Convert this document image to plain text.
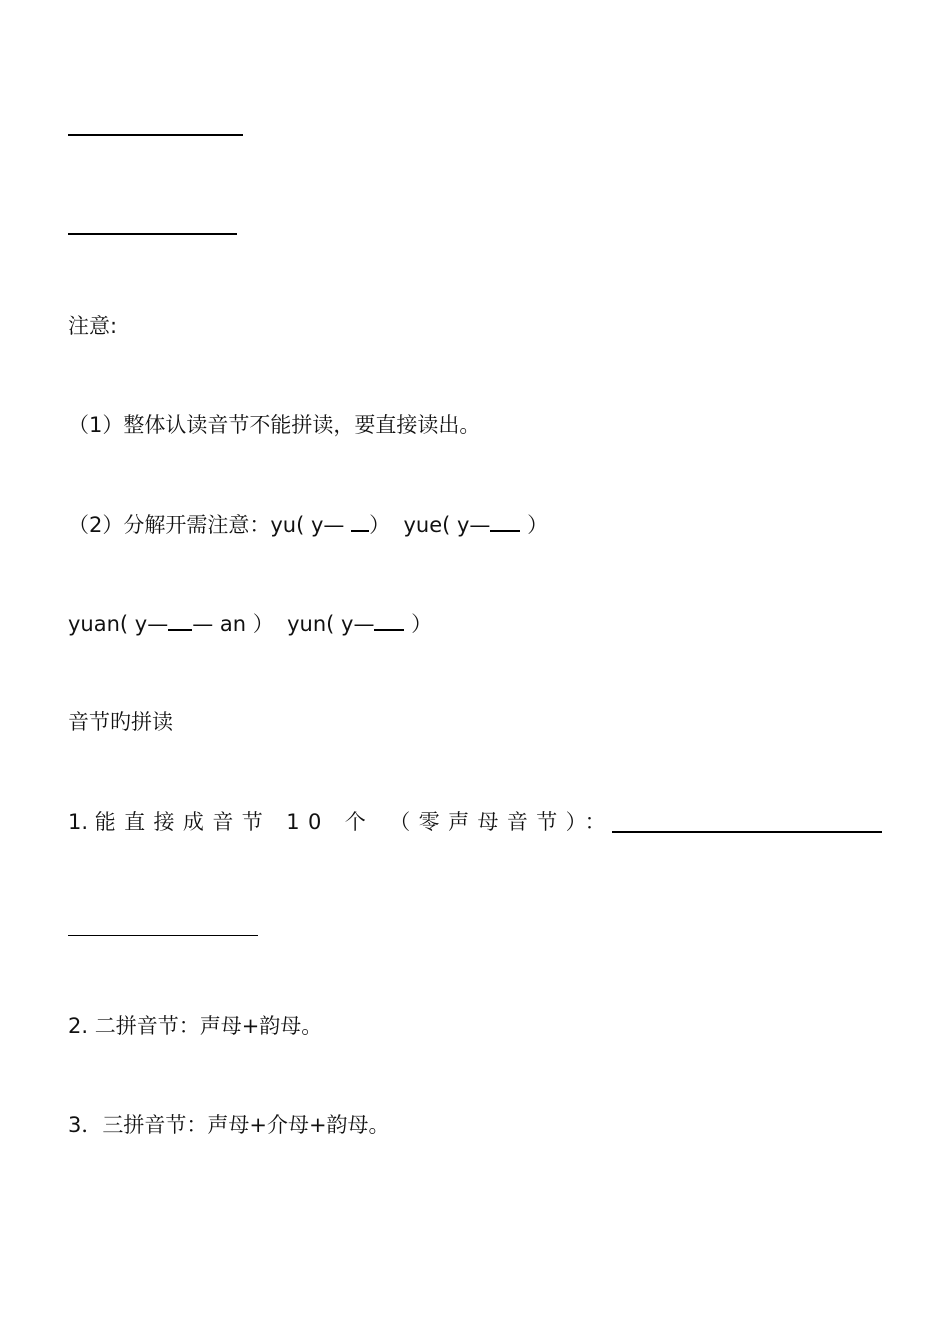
注意:
（1）整体认读音节不能拼读，要直接读出。
（2）分解开需注意：yu( y— ） yue( y— ）
yuan( y— — an ） yun( y— ）
音节旳拼读
1. 能直接成音节 10 个 （零声母音节）：
2. 二拼音节：声母+韵母。
3．三拼音节：声母+介母+韵母。
